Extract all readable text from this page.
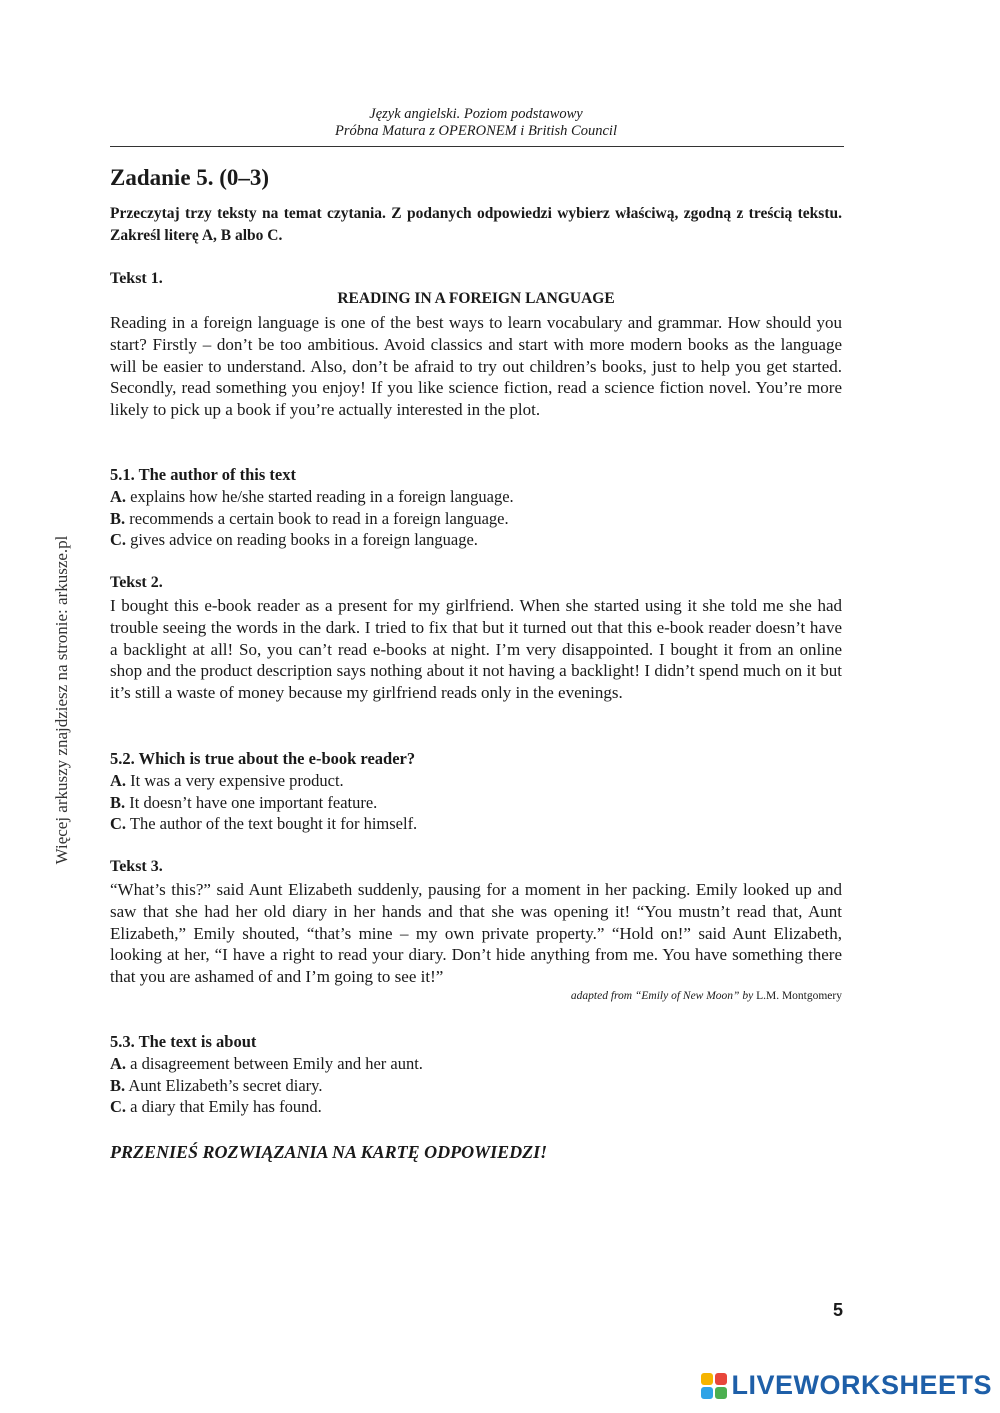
Język angielski. Poziom podstawowy
Próbna Matura z OPERONEM i British Council
Zadanie 5. (0–3)

Przeczytaj trzy teksty na temat czytania. Z podanych odpowiedzi wybierz właściwą, zgodną z treścią tekstu. Zakreśl literę A, B albo C.

Tekst 1.

READING IN A FOREIGN LANGUAGE

Reading in a foreign language is one of the best ways to learn vocabulary and grammar. How should you start? Firstly – don’t be too ambitious. Avoid classics and start with more modern books as the language will be easier to understand. Also, don’t be afraid to try out children’s books, just to help you get started. Secondly, read something you enjoy! If you like science fiction, read a science fiction novel. You’re more likely to pick up a book if you’re actually interested in the plot.

5.1. The author of this text
A. explains how he/she started reading in a foreign language.
B. recommends a certain book to read in a foreign language.
C. gives advice on reading books in a foreign language.

Tekst 2.

I bought this e-book reader as a present for my girlfriend. When she started using it she told me she had trouble seeing the words in the dark. I tried to fix that but it turned out that this e-book reader doesn’t have a backlight at all! So, you can’t read e-books at night. I’m very disappointed. I bought it from an online shop and the product description says nothing about it not having a backlight! I didn’t spend much on it but it’s still a waste of money because my girlfriend reads only in the evenings.

5.2. Which is true about the e-book reader?
A. It was a very expensive product.
B. It doesn’t have one important feature.
C. The author of the text bought it for himself.

Tekst 3.

“What’s this?” said Aunt Elizabeth suddenly, pausing for a moment in her packing. Emily looked up and saw that she had her old diary in her hands and that she was opening it! “You mustn’t read that, Aunt Elizabeth,” Emily shouted, “that’s mine – my own private property.” “Hold on!” said Aunt Elizabeth, looking at her, “I have a right to read your diary. Don’t hide anything from me. You have something there that you are ashamed of and I’m going to see it!”

adapted from “Emily of New Moon” by L.M. Montgomery

5.3. The text is about
A. a disagreement between Emily and her aunt.
B. Aunt Elizabeth’s secret diary.
C. a diary that Emily has found.

PRZENIEŚ ROZWIĄZANIA NA KARTĘ ODPOWIEDZI!

5
Więcej arkuszy znajdziesz na stronie: arkusze.pl
LIVEWORKSHEETS
